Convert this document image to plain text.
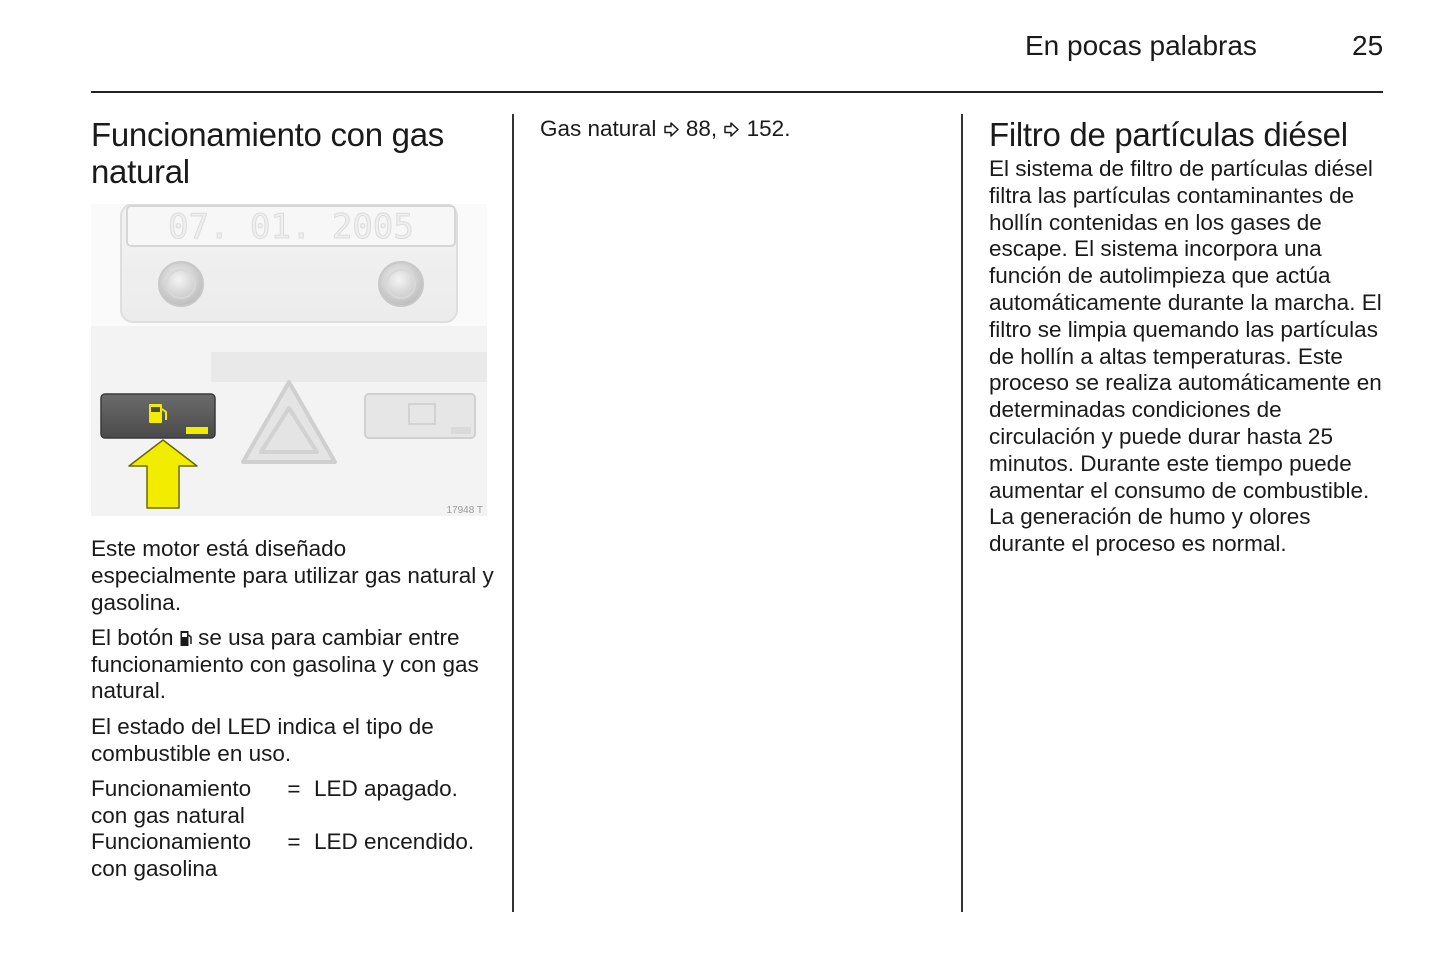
En pocas palabras	25
Funcionamiento con gas natural
07. 01. 2005
17948 T

Este motor está diseñado especialmente para utilizar gas natural y gasolina.

El botón se usa para cambiar entre funcionamiento con gasolina y con gas natural.

El estado del LED indica el tipo de combustible en uso.

Funcionamiento con gas natural	=	LED apagado.
Funcionamiento con gasolina	=	LED encendido.
Gas natural 88, 152.	Filtro de partículas diésel

El sistema de filtro de partículas diésel filtra las partículas contaminantes de hollín contenidas en los gases de escape. El sistema incorpora una función de autolimpieza que actúa automáticamente durante la marcha. El filtro se limpia quemando las partículas de hollín a altas temperaturas. Este proceso se realiza automáticamente en determinadas condiciones de circulación y puede durar hasta 25 minutos. Durante este tiempo puede aumentar el consumo de combustible. La generación de humo y olores durante el proceso es normal.
